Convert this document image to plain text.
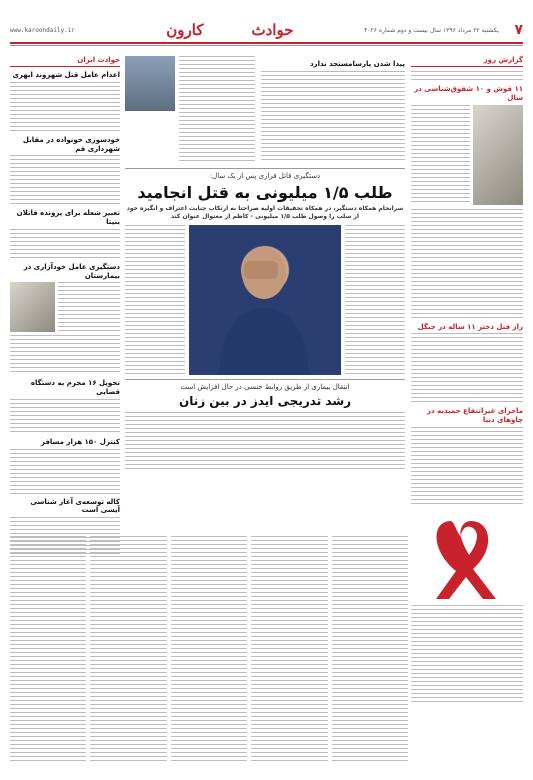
www.karoondaily.ir	کارون	حوادث	یکشنبه ۲۲ مرداد ۱۳۹۶ سال بیست و دوم شماره ۴۰۲۶	۷
گزارش روز
۱۱ قوش و ۱۰ شقوق‌شناسی در سال
راز قتل دختر ۱۱ ساله در جنگل
ماجرای غیرانتفاع حمیدیه در چاوهای دنیا
پیدا شدن پارسامستجد ندارد
دستگیری قاتل فراری پس از یک سال:
طلب ۱/۵ میلیونی به قتل انجامید
سرانجام همکاه دستگیر، در همکاه تحقیقات اولیه صراحتا به ارتکاب جنایت اعتراف و انگیزه خود از سلب را وصول طلب ۱/۵ میلیونی - کاظم از معتوال عنوان کند
انتقال بیماری از طریق روابط جنسی در حال افزایش است
رشد تدریجی ایدز در بین زنان
حوادث ایران
اعدام عامل قتل شهروند ابهری
خودسوزی خونواده در مقابل شهرداری قم
تعبیر شعله برای پرونده قاتلان بنیتا
دستگیری عامل خودآزاری در بیمارستان
تحویل ۱۶ مجرم به دستگاه قضایی
کنترل ۱۵۰ هزار مسافر
کاله توسعه‌ی آغاز شناسی آیسی است
